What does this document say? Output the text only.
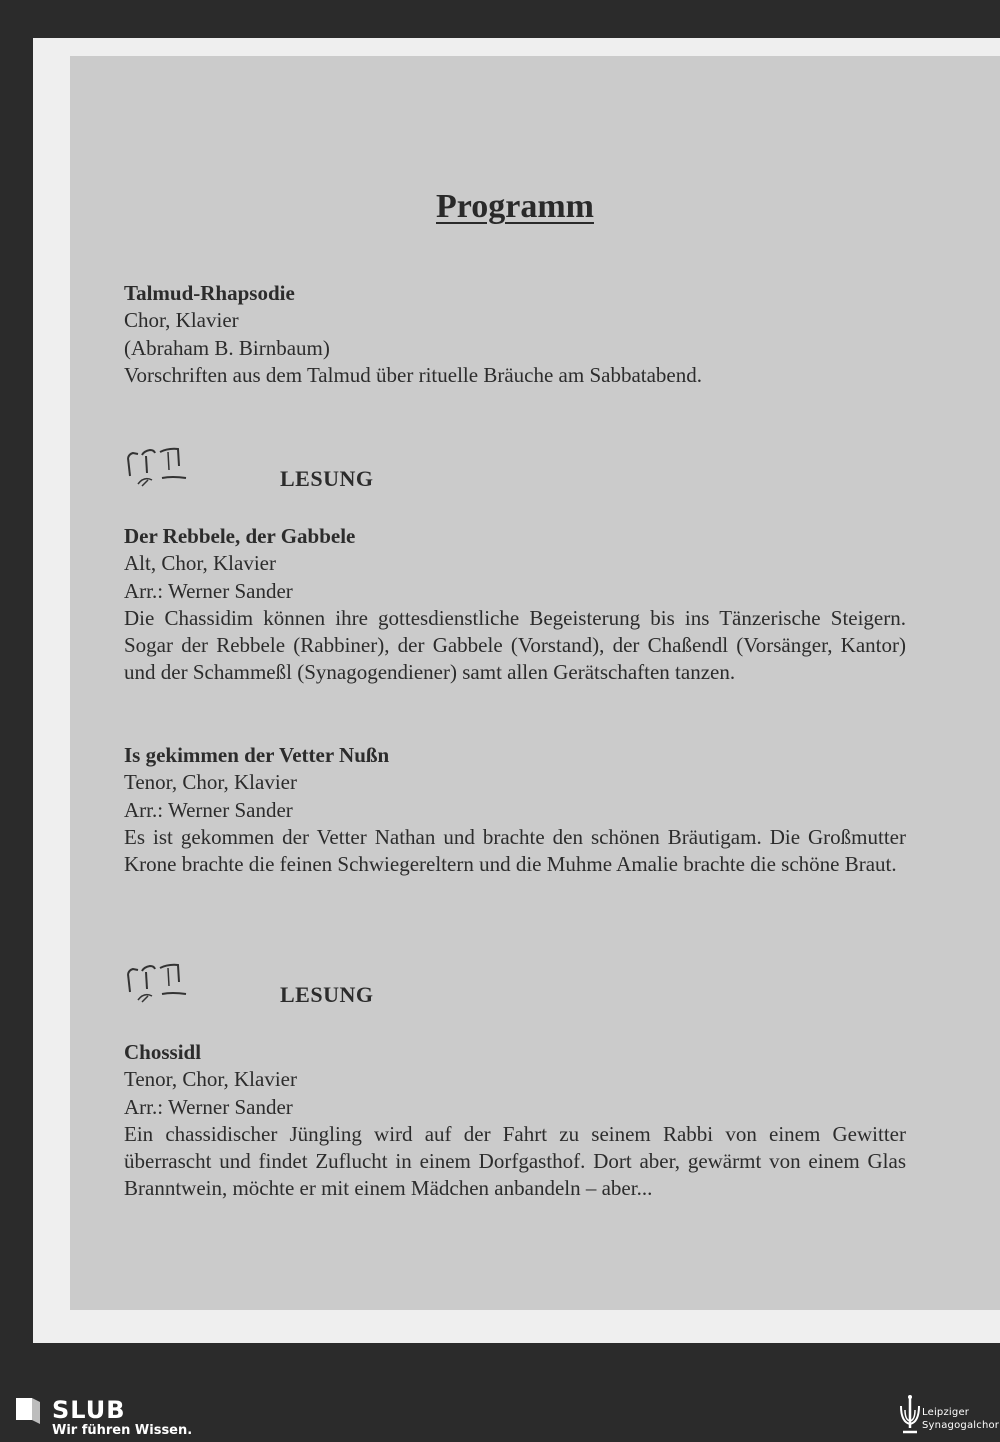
Programm
Talmud-Rhapsodie
Chor, Klavier
(Abraham B. Birnbaum)
Vorschriften aus dem Talmud über rituelle Bräuche am Sabbatabend.
LESUNG
Der Rebbele, der Gabbele
Alt, Chor, Klavier
Arr.: Werner Sander
Die Chassidim können ihre gottesdienstliche Begeisterung bis ins Tänzerische Steigern. Sogar der Rebbele (Rabbiner), der Gabbele (Vorstand), der Chaßendl (Vorsänger, Kantor) und der Schammeßl (Synagogendiener) samt allen Gerätschaften tanzen.
Is gekimmen der Vetter Nußn
Tenor, Chor, Klavier
Arr.: Werner Sander
Es ist gekommen der Vetter Nathan und brachte den schönen Bräutigam. Die Großmutter Krone brachte die feinen Schwiegereltern und die Muhme Amalie brachte die schöne Braut.
LESUNG
Chossidl
Tenor, Chor, Klavier
Arr.: Werner Sander
Ein chassidischer Jüngling wird auf der Fahrt zu seinem Rabbi von einem Gewitter überrascht und findet Zuflucht in einem Dorfgasthof. Dort aber, gewärmt von einem Glas Branntwein, möchte er mit einem Mädchen anbandeln – aber...
SLUB
Wir führen Wissen.
Leipziger
Synagogalchor
